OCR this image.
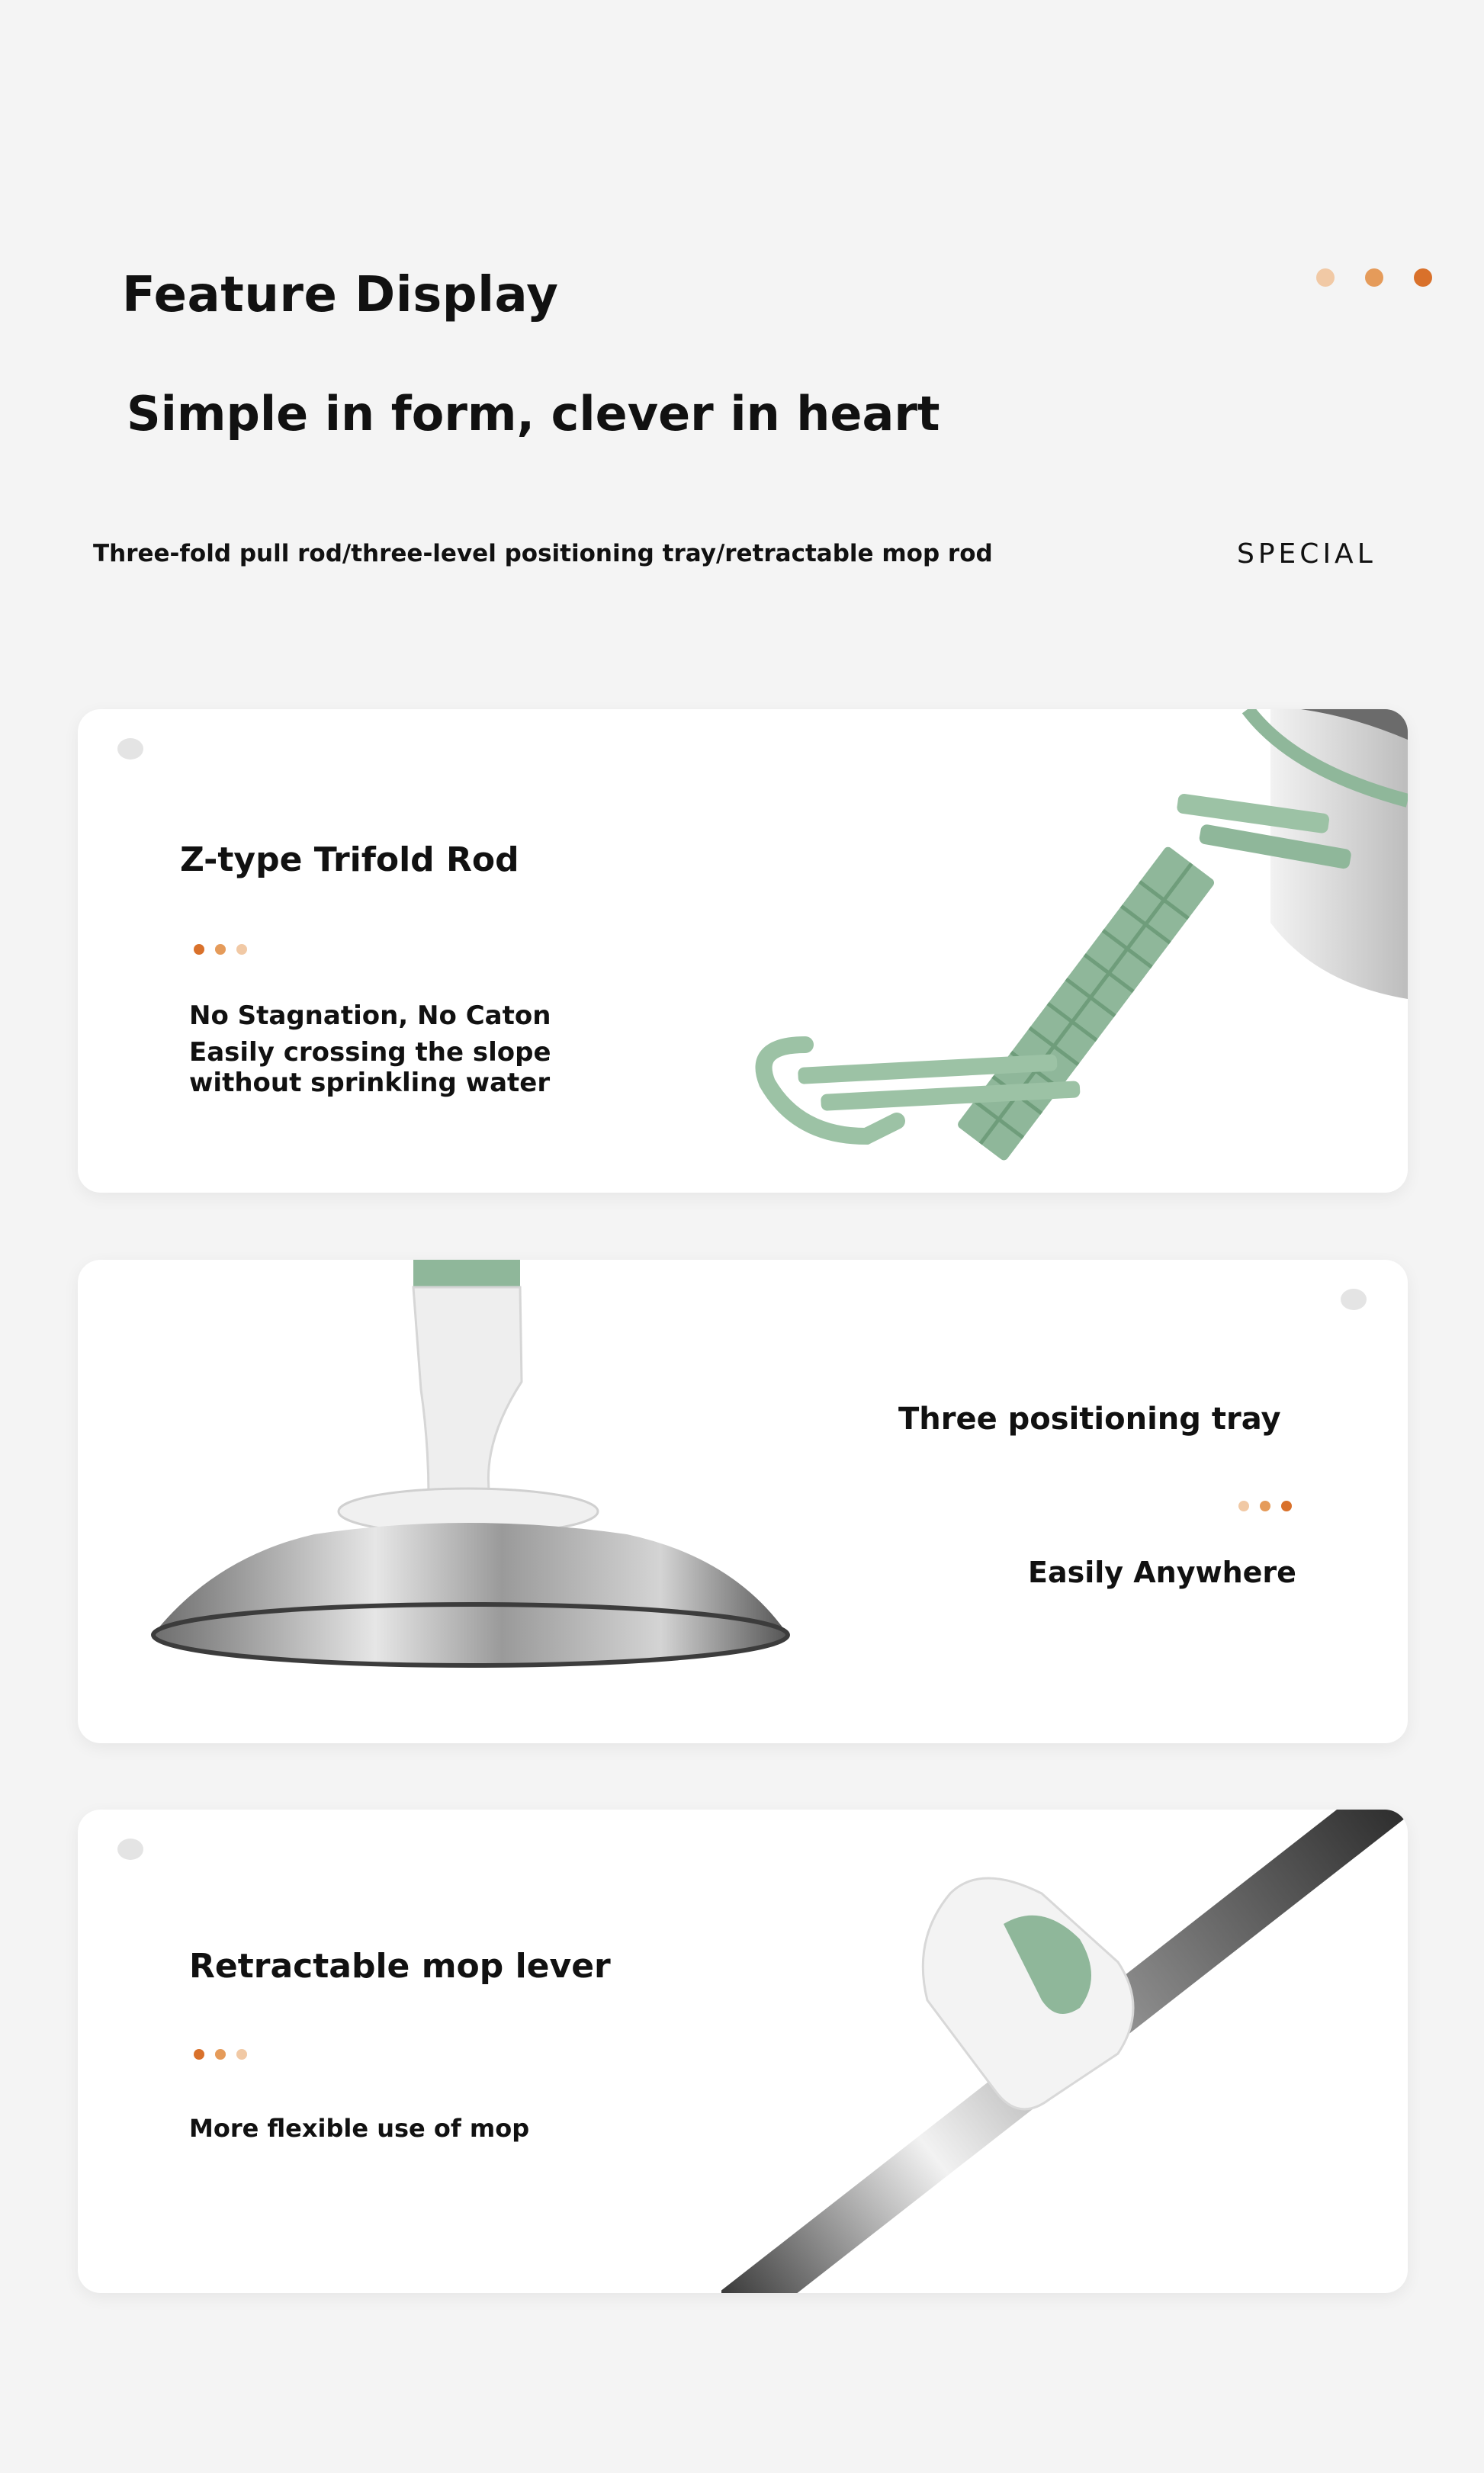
Feature Display
Simple in form, clever in heart
Three-fold pull rod/three-level positioning tray/retractable mop rod	SPECIAL
Z-type Trifold Rod
No Stagnation, No Caton
Easily crossing the slope
without sprinkling water
Three positioning tray
Easily Anywhere
Retractable mop lever
More flexible use of mop
